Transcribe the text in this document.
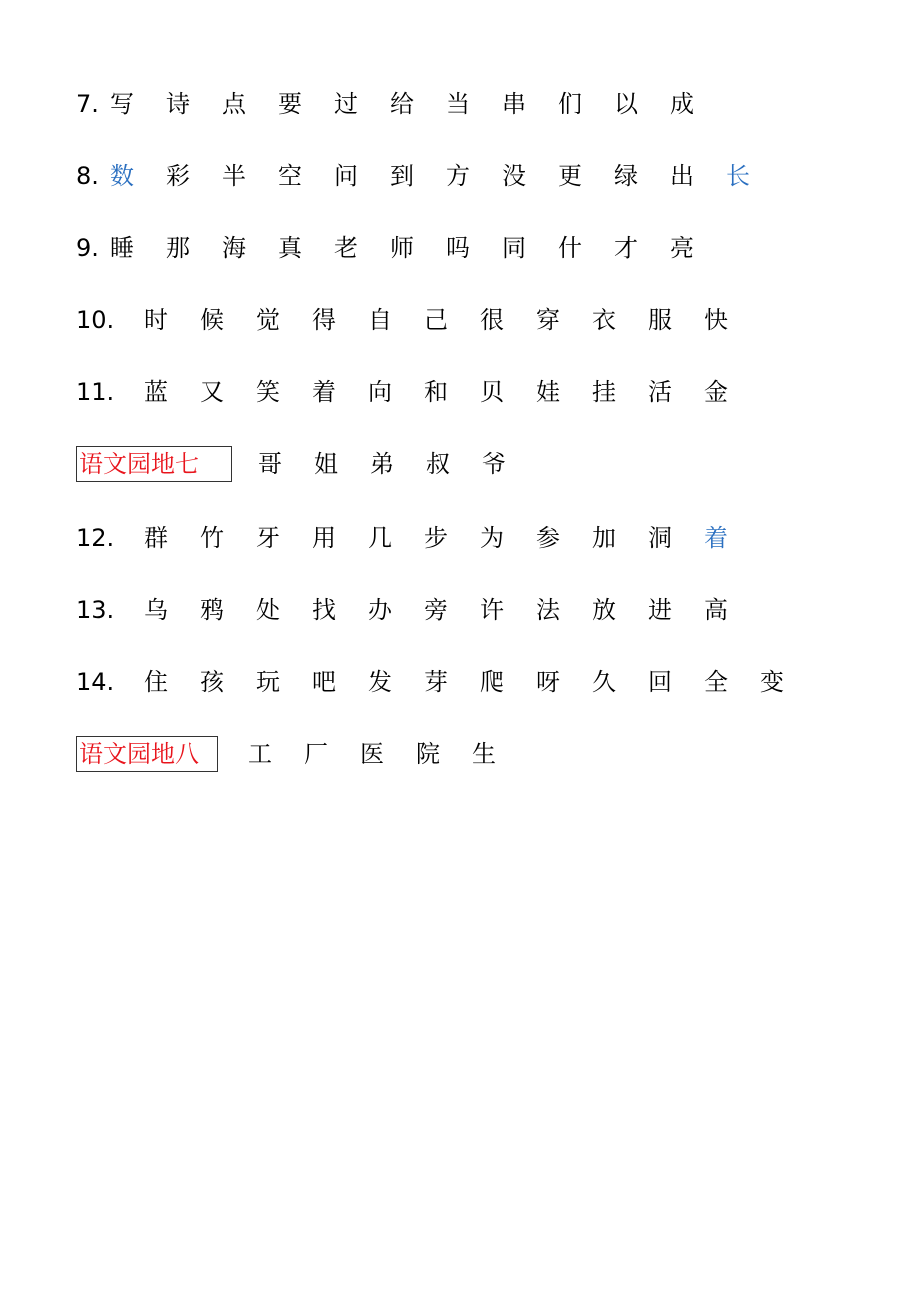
7. 写	诗	点	要	过	给	当	串	们	以	成
8. 数	彩	半	空	问	到	方	没	更	绿	出	长
9. 睡	那	海	真	老	师	吗	同	什	才	亮
10.	时	候	觉	得	自	己	很	穿	衣	服	快
11.	蓝	又	笑	着	向	和	贝	娃	挂	活	金
语文园地七	哥	姐	弟	叔	爷
12.	群	竹	牙	用	几	步	为	参	加	洞	着
13.	乌	鸦	处	找	办	旁	许	法	放	进	高
14.	住	孩	玩	吧	发	芽	爬	呀	久	回	全	变
语文园地八	工	厂	医	院	生
